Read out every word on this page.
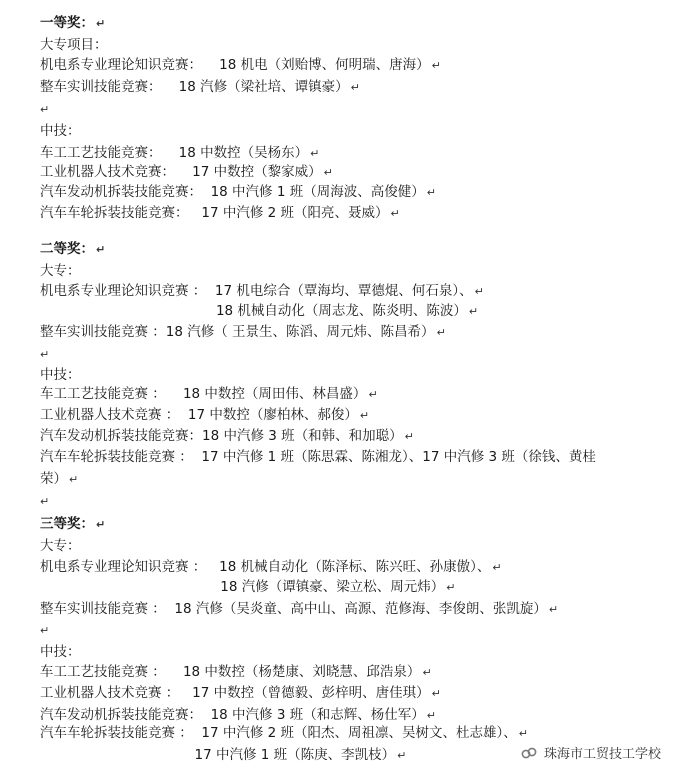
一等奖：↵
大专项目：
机电系专业理论知识竞赛：    18 机电（刘贻博、何明瑞、唐海）↵
整车实训技能竞赛：    18 汽修（梁社培、谭镇豪）↵
↵
中技：
车工工艺技能竞赛：    18 中数控（吴杨东）↵
工业机器人技术竞赛：    17 中数控（黎家威）↵
汽车发动机拆装技能竞赛：  18 中汽修 1 班（周海波、高俊健）↵
汽车车轮拆装技能竞赛：   17 中汽修 2 班（阳亮、聂威）↵
二等奖：↵
大专：
机电系专业理论知识竞赛 ：  17 机电综合（覃海均、覃德焜、何石泉）、↵
18 机械自动化（周志龙、陈炎明、陈波）↵
整车实训技能竞赛 ：18 汽修（ 王景生、陈滔、周元炜、陈昌希）↵
↵
中技：
车工工艺技能竞赛 ：    18 中数控（周田伟、林昌盛）↵
工业机器人技术竞赛 ：  17 中数控（廖柏林、郝俊）↵
汽车发动机拆装技能竞赛：18 中汽修 3 班（和韩、和加聪）↵
汽车车轮拆装技能竞赛 ：  17 中汽修 1 班（陈思霖、陈湘龙）、17 中汽修 3 班（徐钱、黄桂
荣）↵
↵
三等奖：↵
大专：
机电系专业理论知识竞赛 ：   18 机械自动化（陈泽标、陈兴旺、孙康傲）、↵
18 汽修（谭镇豪、梁立松、周元炜）↵
整车实训技能竞赛 ：  18 汽修（吴炎童、高中山、高源、范修海、李俊朗、张凯旋）↵
↵
中技：
车工工艺技能竞赛 ：    18 中数控（杨楚康、刘晓慧、邱浩泉）↵
工业机器人技术竞赛 ：   17 中数控（曾德毅、彭梓明、唐佳琪）↵
汽车发动机拆装技能竞赛：  18 中汽修 3 班（和志辉、杨仕军）↵
汽车车轮拆装技能竞赛 ：  17 中汽修 2 班（阳杰、周祖凛、吴树文、杜志雄）、↵
17 中汽修 1 班（陈庚、李凯枝）↵	珠海市工贸技工学校
